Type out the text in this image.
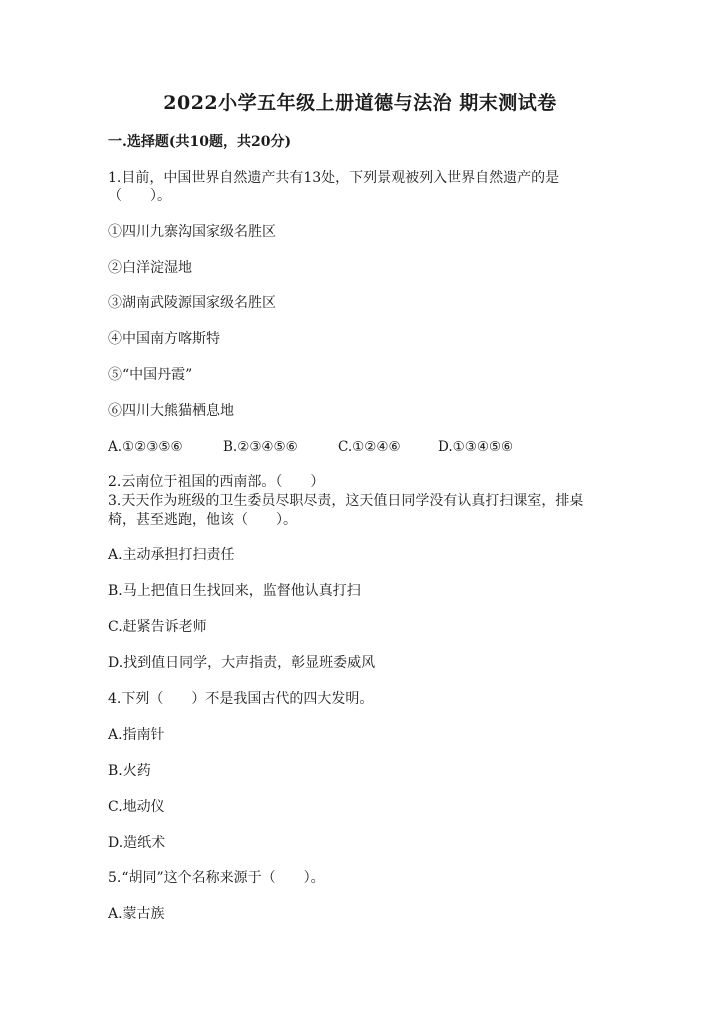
2022小学五年级上册道德与法治 期末测试卷
一.选择题(共10题，共20分)
1.目前，中国世界自然遗产共有13处，下列景观被列入世界自然遗产的是
（　　）。
①四川九寨沟国家级名胜区
②白洋淀湿地
③湖南武陵源国家级名胜区
④中国南方喀斯特
⑤“中国丹霞”
⑥四川大熊猫栖息地
A.①②③⑤⑥	B.②③④⑤⑥	C.①②④⑥	D.①③④⑤⑥
2.云南位于祖国的西南部。（　　）
3.天天作为班级的卫生委员尽职尽责，这天值日同学没有认真打扫课室，排桌
椅，甚至逃跑，他该（　　）。
A.主动承担打扫责任
B.马上把值日生找回来，监督他认真打扫
C.赶紧告诉老师
D.找到值日同学，大声指责，彰显班委威风
4.下列（　　）不是我国古代的四大发明。
A.指南针
B.火药
C.地动仪
D.造纸术
5.“胡同”这个名称来源于（　　）。
A.蒙古族
